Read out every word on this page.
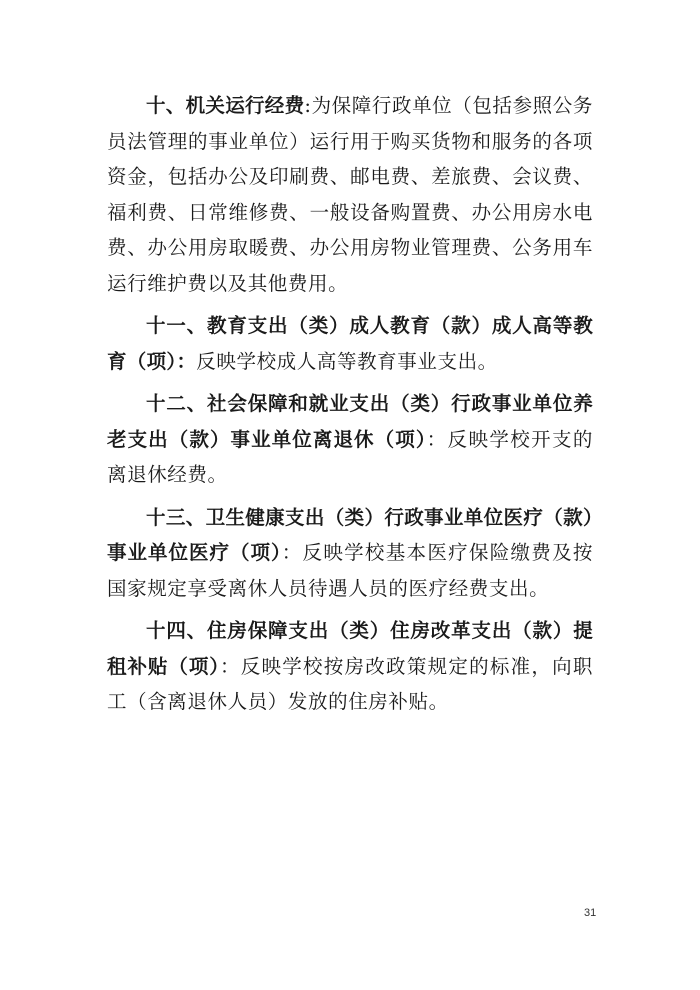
十、机关运行经费:为保障行政单位（包括参照公务员法管理的事业单位）运行用于购买货物和服务的各项资金，包括办公及印刷费、邮电费、差旅费、会议费、福利费、日常维修费、一般设备购置费、办公用房水电费、办公用房取暖费、办公用房物业管理费、公务用车运行维护费以及其他费用。

十一、教育支出（类）成人教育（款）成人高等教育（项）：反映学校成人高等教育事业支出。

十二、社会保障和就业支出（类）行政事业单位养老支出（款）事业单位离退休（项）：反映学校开支的离退休经费。

十三、卫生健康支出（类）行政事业单位医疗（款）事业单位医疗（项）：反映学校基本医疗保险缴费及按国家规定享受离休人员待遇人员的医疗经费支出。

十四、住房保障支出（类）住房改革支出（款）提租补贴（项）：反映学校按房改政策规定的标准，向职工（含离退休人员）发放的住房补贴。

31
